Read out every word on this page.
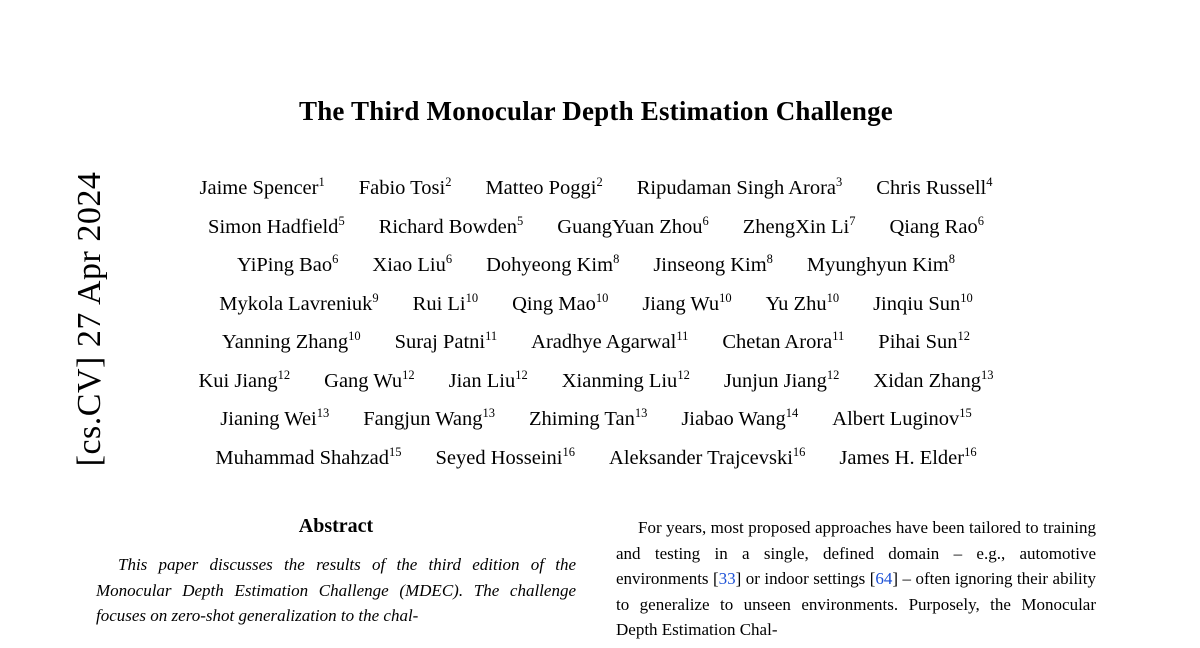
[cs.CV] 27 Apr 2024
The Third Monocular Depth Estimation Challenge
Jaime Spencer$^1$ Fabio Tosi$^2$ Matteo Poggi$^2$ Ripudaman Singh Arora$^3$ Chris Russell$^4$
Simon Hadfield$^5$ Richard Bowden$^5$ GuangYuan Zhou$^6$ ZhengXin Li$^7$ Qiang Rao$^6$
YiPing Bao$^6$ Xiao Liu$^6$ Dohyeong Kim$^8$ Jinseong Kim$^8$ Myunghyun Kim$^8$
Mykola Lavreniuk$^9$ Rui Li$^{10}$ Qing Mao$^{10}$ Jiang Wu$^{10}$ Yu Zhu$^{10}$ Jinqiu Sun$^{10}$
Yanning Zhang$^{10}$ Suraj Patni$^{11}$ Aradhye Agarwal$^{11}$ Chetan Arora$^{11}$ Pihai Sun$^{12}$
Kui Jiang$^{12}$ Gang Wu$^{12}$ Jian Liu$^{12}$ Xianming Liu$^{12}$ Junjun Jiang$^{12}$ Xidan Zhang$^{13}$
Jianing Wei$^{13}$ Fangjun Wang$^{13}$ Zhiming Tan$^{13}$ Jiabao Wang$^{14}$ Albert Luginov$^{15}$
Muhammad Shahzad$^{15}$ Seyed Hosseini$^{16}$ Aleksander Trajcevski$^{16}$ James H. Elder$^{16}$
Abstract

This paper discusses the results of the third edition of the Monocular Depth Estimation Challenge (MDEC). The challenge focuses on zero-shot generalization to the chal-

For years, most proposed approaches have been tailored to training and testing in a single, defined domain – e.g., automotive environments [33] or indoor settings [64] – often ignoring their ability to generalize to unseen environments. Purposely, the Monocular Depth Estimation Chal-
